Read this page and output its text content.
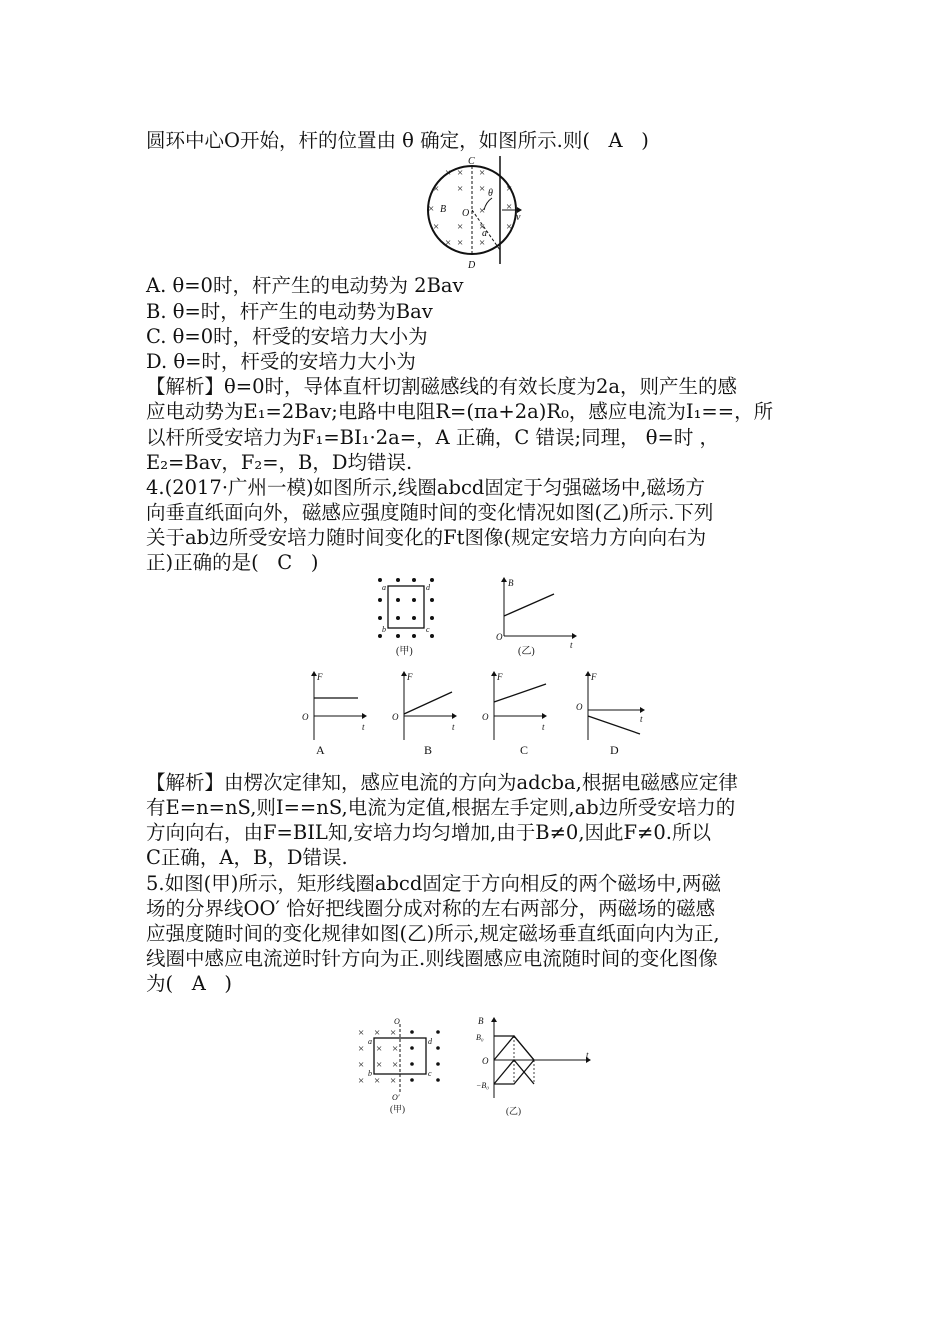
圆环中心O开始，杆的位置由 θ 确定，如图所示.则(   A   )
C
B O
θ
v
a
D
× ×
× × × ×
×	×
×
× × × ×
× ×
×
×
A. θ=0时，杆产生的电动势为 2Bav
B. θ=时，杆产生的电动势为Bav
C. θ=0时，杆受的安培力大小为
D. θ=时，杆受的安培力大小为
【解析】θ=0时，导体直杆切割磁感线的有效长度为2a，则产生的感
应电动势为E₁=2Bav;电路中电阻R=(πa+2a)R₀，感应电流为I₁==，所
以杆所受安培力为F₁=BI₁·2a=，A 正确，C 错误;同理， θ=时 ，
E₂=Bav，F₂=，B，D均错误.
4.(2017·广州一模)如图所示,线圈abcd固定于匀强磁场中,磁场方
向垂直纸面向外，磁感应强度随时间的变化情况如图(乙)所示.下列
关于ab边所受安培力随时间变化的Ft图像(规定安培力方向向右为
正)正确的是(   C   )
a	d
b	c
(甲)
B
O
t
(乙)
F
O
t
A
F
O
t
B
F
O
t
C
F
O
t
D
【解析】由楞次定律知，感应电流的方向为adcba,根据电磁感应定律
有E=n=nS,则I==nS,电流为定值,根据左手定则,ab边所受安培力的
方向向右，由F=BIL知,安培力均匀增加,由于B≠0,因此F≠0.所以
C正确，A，B，D错误.
5.如图(甲)所示，矩形线圈abcd固定于方向相反的两个磁场中,两磁
场的分界线OO′ 恰好把线圈分成对称的左右两部分，两磁场的磁感
应强度随时间的变化规律如图(乙)所示,规定磁场垂直纸面向内为正,
线圈中感应电流逆时针方向为正.则线圈感应电流随时间的变化图像
为(   A   )
× × ×
× × ×
× × ×
× × ×
O
a	d
b	c
O′
(甲)
B
B₀
O
t
−B₀
(乙)
